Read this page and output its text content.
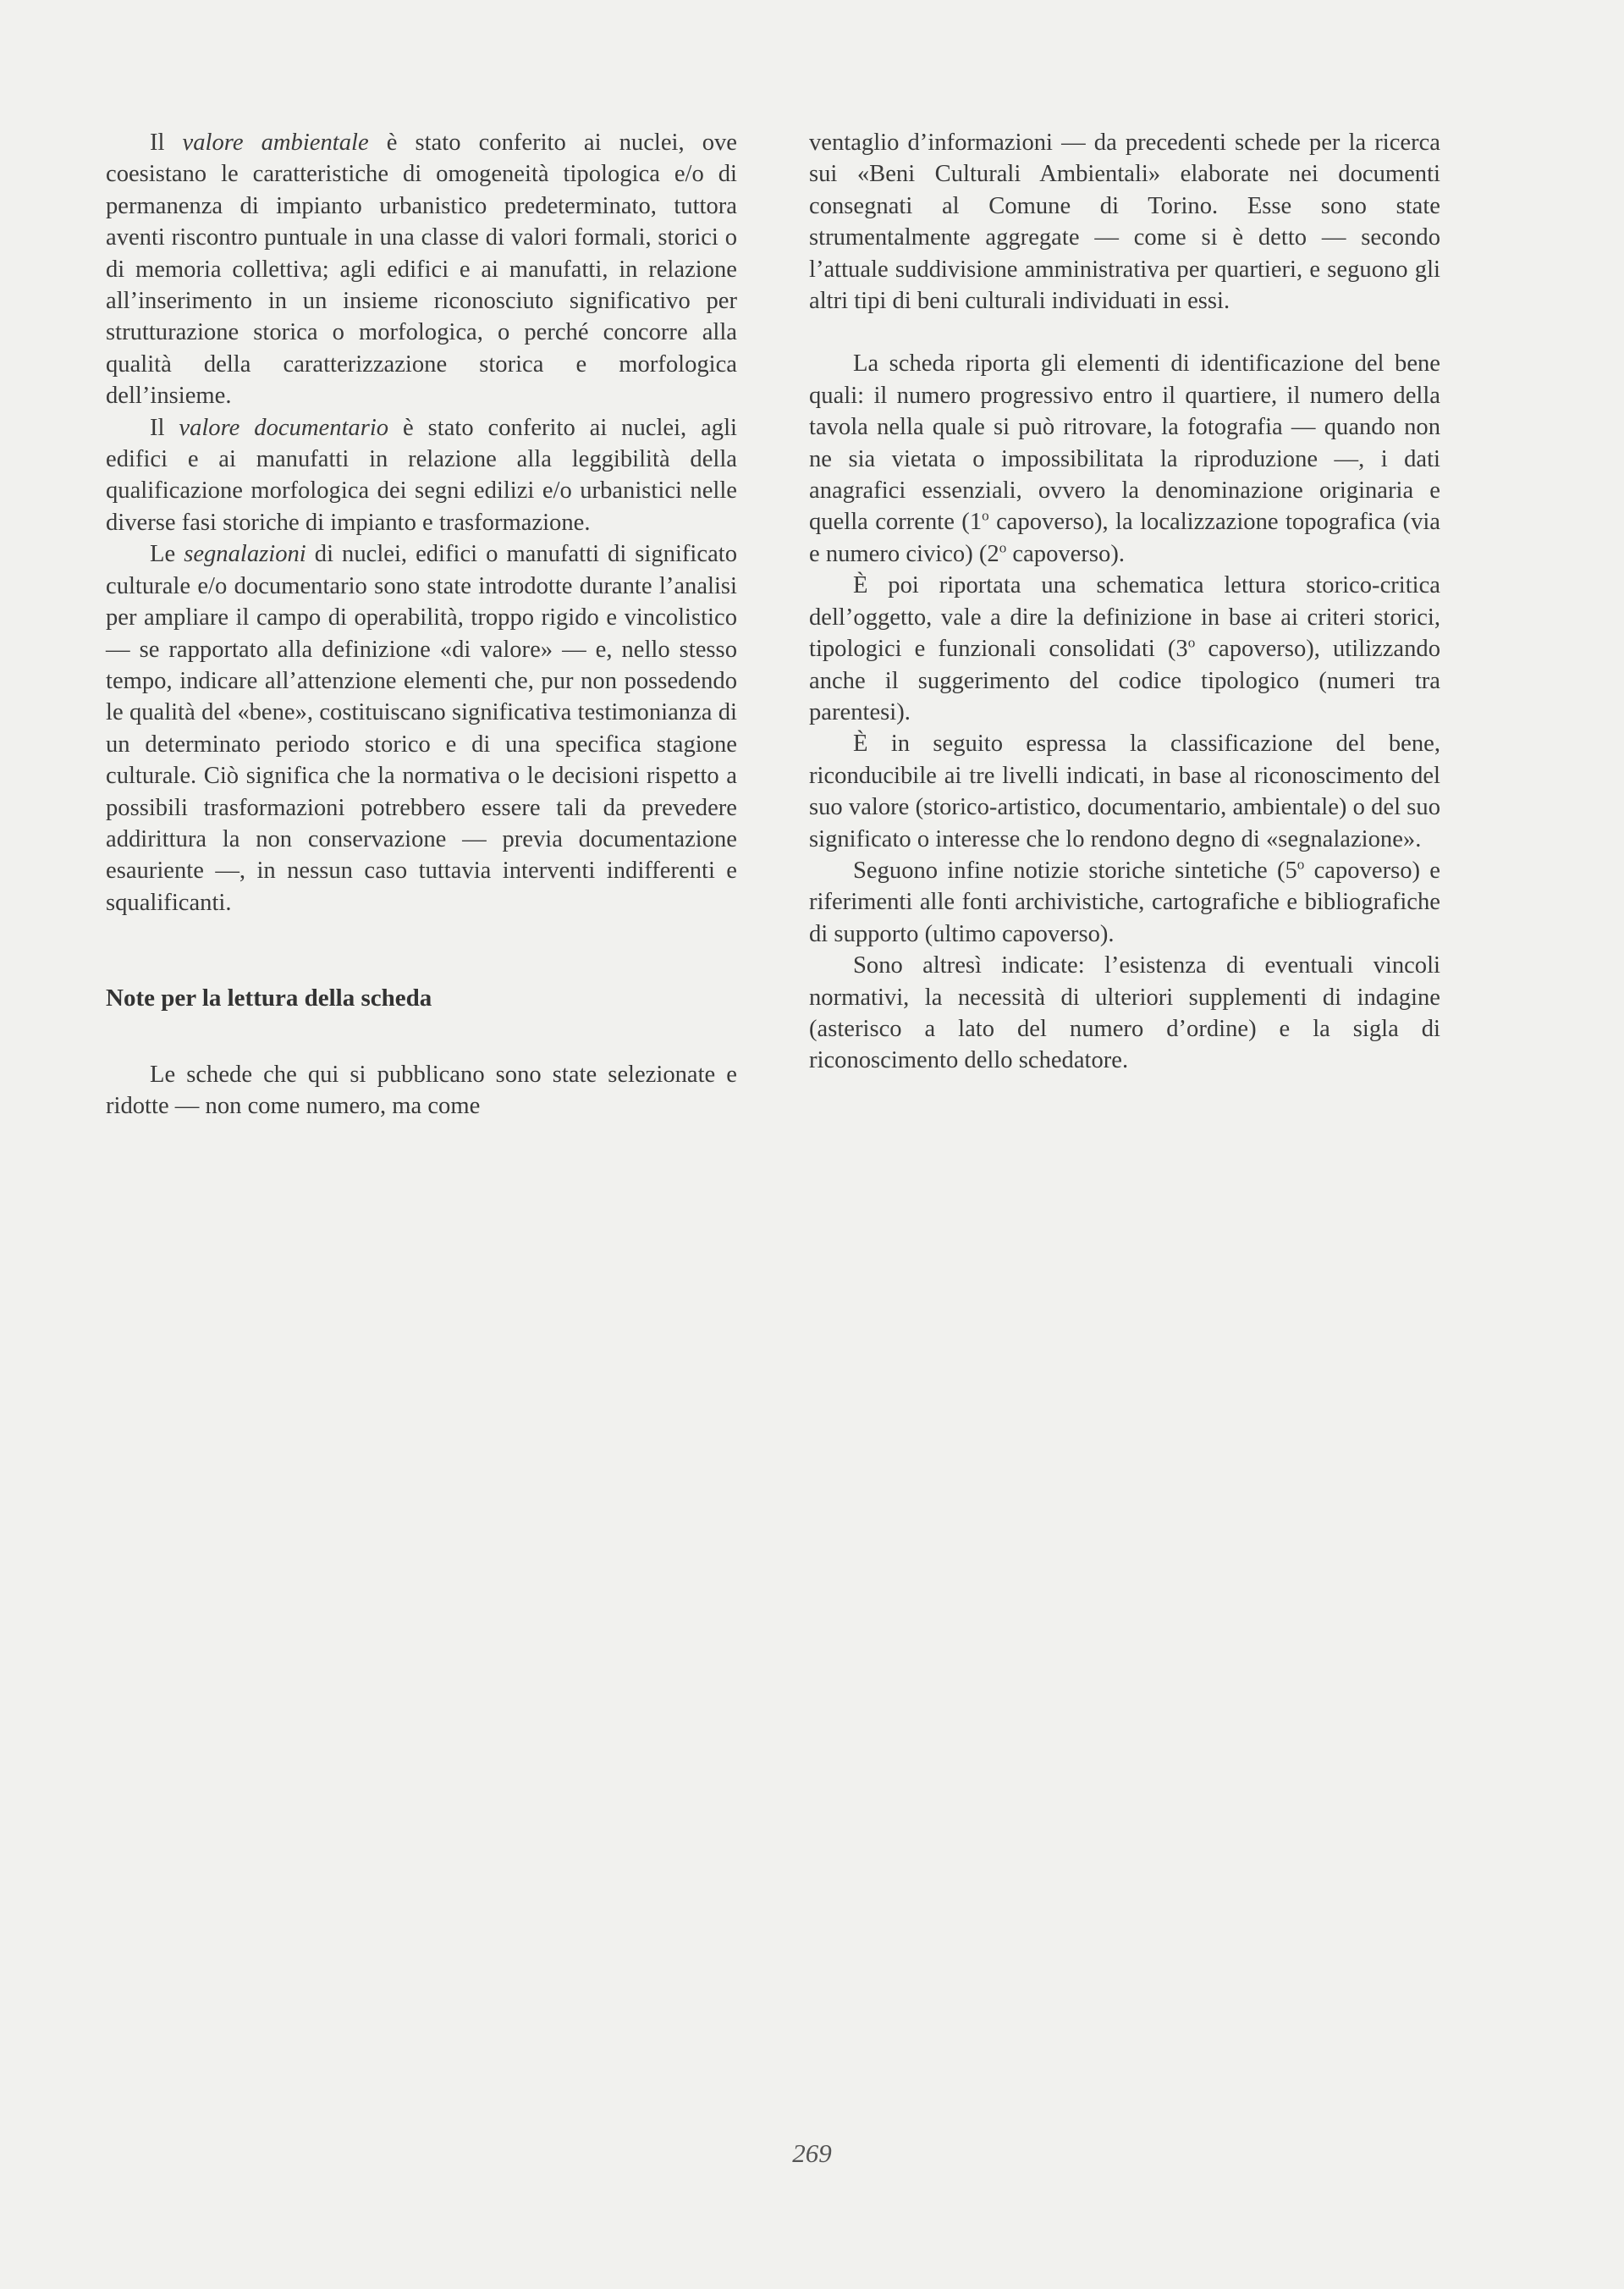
Il valore ambientale è stato conferito ai nuclei, ove coesistano le caratteristiche di omogeneità tipologica e/o di permanenza di impianto urbanistico predeterminato, tuttora aventi riscontro puntuale in una classe di valori formali, storici o di memoria collettiva; agli edifici e ai manufatti, in relazione all’inserimento in un insieme riconosciuto significativo per strutturazione storica o morfologica, o perché concorre alla qualità della caratterizzazione storica e morfologica dell’insieme.

Il valore documentario è stato conferito ai nuclei, agli edifici e ai manufatti in relazione alla leggibilità della qualificazione morfologica dei segni edilizi e/o urbanistici nelle diverse fasi storiche di impianto e trasformazione.

Le segnalazioni di nuclei, edifici o manufatti di significato culturale e/o documentario sono state introdotte durante l’analisi per ampliare il campo di operabilità, troppo rigido e vincolistico — se rapportato alla definizione «di valore» — e, nello stesso tempo, indicare all’attenzione elementi che, pur non possedendo le qualità del «bene», costituiscano significativa testimonianza di un determinato periodo storico e di una specifica stagione culturale. Ciò significa che la normativa o le decisioni rispetto a possibili trasformazioni potrebbero essere tali da prevedere addirittura la non conservazione — previa documentazione esauriente —, in nessun caso tuttavia interventi indifferenti e squalificanti.

Note per la lettura della scheda

Le schede che qui si pubblicano sono state selezionate e ridotte — non come numero, ma come

ventaglio d’informazioni — da precedenti schede per la ricerca sui «Beni Culturali Ambientali» elaborate nei documenti consegnati al Comune di Torino. Esse sono state strumentalmente aggregate — come si è detto — secondo l’attuale suddivisione amministrativa per quartieri, e seguono gli altri tipi di beni culturali individuati in essi.

La scheda riporta gli elementi di identificazione del bene quali: il numero progressivo entro il quartiere, il numero della tavola nella quale si può ritrovare, la fotografia — quando non ne sia vietata o impossibilitata la riproduzione —, i dati anagrafici essenziali, ovvero la denominazione originaria e quella corrente (1$^o$ capoverso), la localizzazione topografica (via e numero civico) (2$^o$ capoverso).

È poi riportata una schematica lettura storico-critica dell’oggetto, vale a dire la definizione in base ai criteri storici, tipologici e funzionali consolidati (3$^o$ capoverso), utilizzando anche il suggerimento del codice tipologico (numeri tra parentesi).

È in seguito espressa la classificazione del bene, riconducibile ai tre livelli indicati, in base al riconoscimento del suo valore (storico-artistico, documentario, ambientale) o del suo significato o interesse che lo rendono degno di «segnalazione».

Seguono infine notizie storiche sintetiche (5$^o$ capoverso) e riferimenti alle fonti archivistiche, cartografiche e bibliografiche di supporto (ultimo capoverso).

Sono altresì indicate: l’esistenza di eventuali vincoli normativi, la necessità di ulteriori supplementi di indagine (asterisco a lato del numero d’ordine) e la sigla di riconoscimento dello schedatore.

269
